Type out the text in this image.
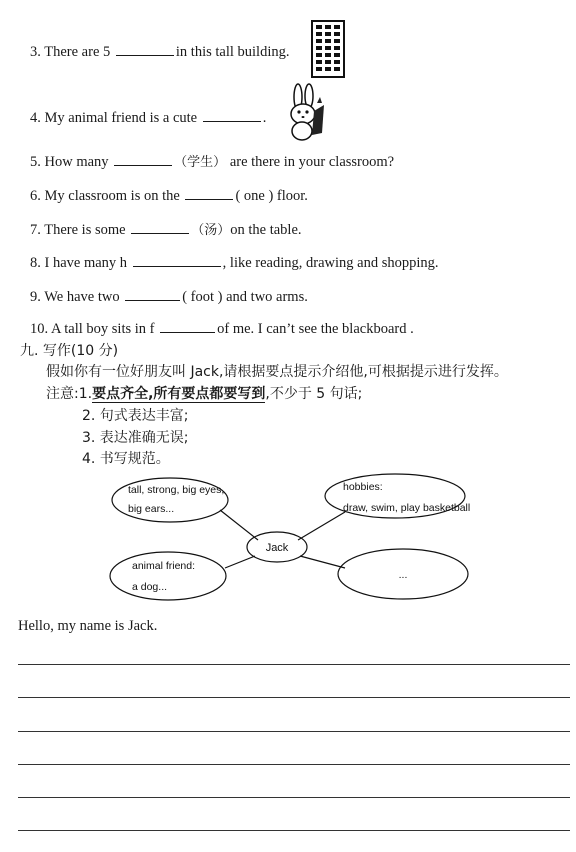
3. There are 5	in this tall building.
4. My animal friend is a cute	.
5. How many	（学生） are there in your classroom?
6. My classroom is on the	( one ) floor.
7. There is some	（汤）on the table.
8. I have many h	, like reading, drawing and shopping.
9. We have two	( foot ) and two arms.
10. A tall boy sits in f	of me. I can’t see the blackboard .
九. 写作(10 分)
假如你有一位好朋友叫 Jack,请根据要点提示介绍他,可根据提示进行发挥。
注意:1.要点齐全,所有要点都要写到,不少于 5 句话;
2. 句式表达丰富;
3. 表达准确无误;
4. 书写规范。
tall, strong, big eyes,
big ears...
hobbies:
draw, swim, play basketball
Jack
animal friend:
a dog...
...
Hello, my name is Jack.
